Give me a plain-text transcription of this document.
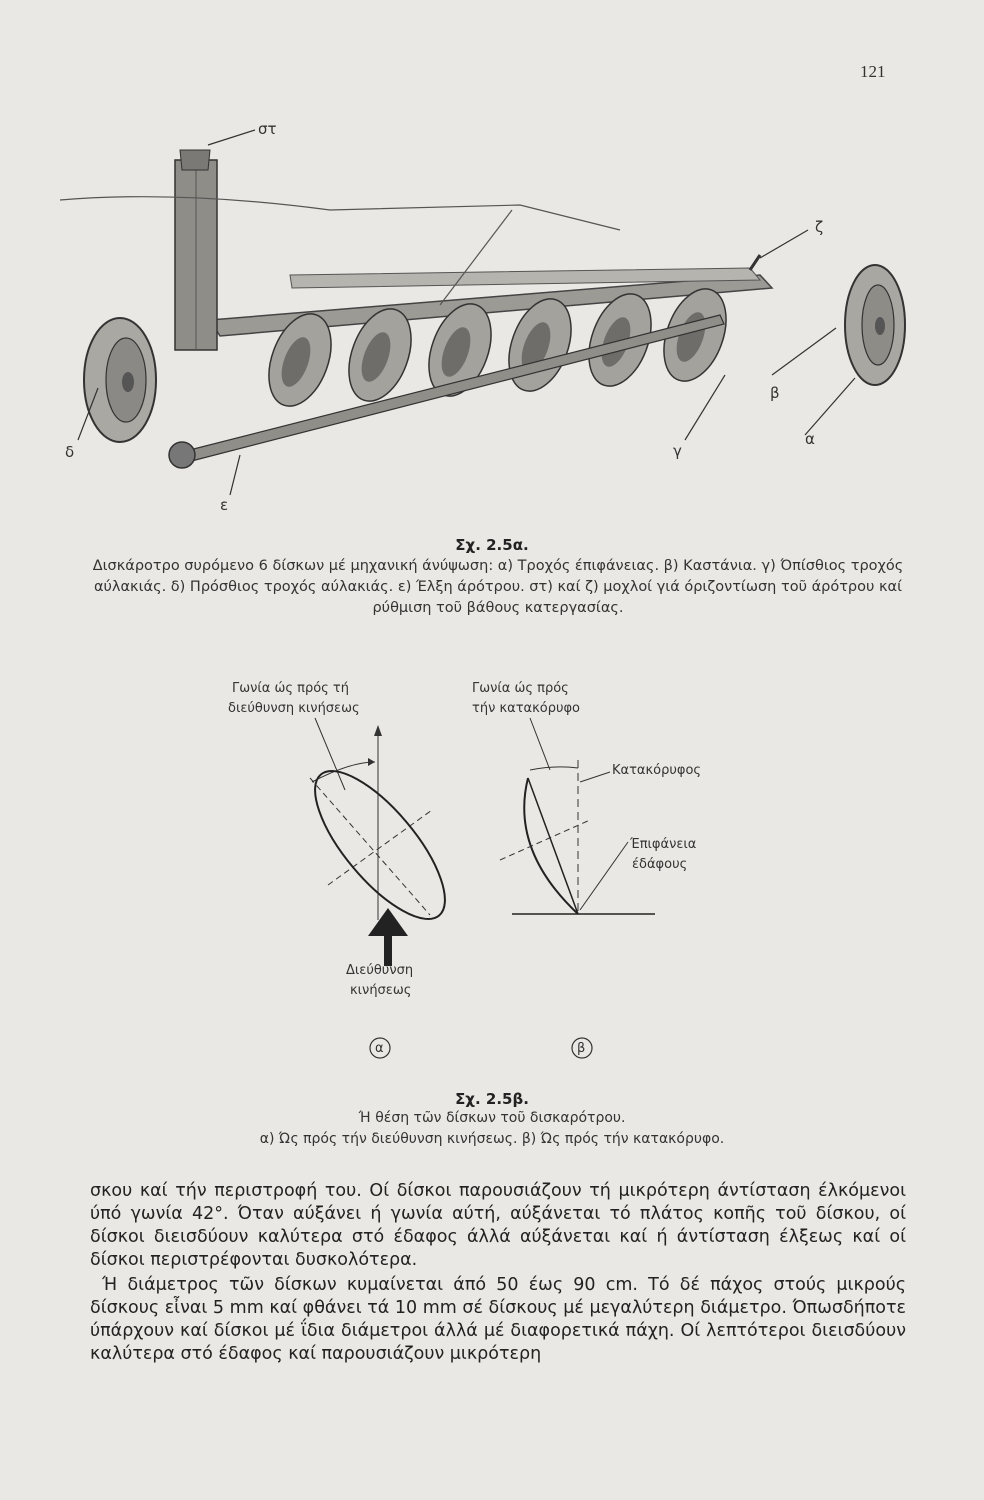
121
στ
ζ
β
α
γ
δ
ε
Σχ. 2.5α.
Δισκάροτρο συρόμενο 6 δίσκων μέ μηχανική άνύψωση: α) Τροχός έπιφάνειας. β) Καστάνια. γ) Όπίσθιος τροχός αύλακιάς. δ) Πρόσθιος τροχός αύλακιάς. ε) Έλξη άρότρου. στ) καί ζ) μοχλοί γιά όριζοντίωση τοῦ άρότρου καί ρύθμιση τοῦ βάθους κατεργασίας.
Γωνία ώς πρός τή
διεύθυνση κινήσεως
Διεύθυνση
κινήσεως
α
Γωνία ώς πρός
τήν κατακόρυφο
Κατακόρυφος
Έπιφάνεια
έδάφους
β
Σχ. 2.5β.
Ή θέση τῶν δίσκων τοῦ δισκαρότρου.
α) Ώς πρός τήν διεύθυνση κινήσεως. β) Ώς πρός τήν κατακόρυφο.

σκου καί τήν περιστροφή του. Οί δίσκοι παρουσιάζουν τή μικρότερη άντίσταση έλκόμενοι ύπό γωνία 42°. Όταν αύξάνει ή γωνία αύτή, αύξάνεται τό πλάτος κοπῆς τοῦ δίσκου, οί δίσκοι διεισδύουν καλύτερα στό έδαφος άλλά αύξάνεται καί ή άντίσταση έλξεως καί οί δίσκοι περιστρέφονται δυσκολότερα.

Ή διάμετρος τῶν δίσκων κυμαίνεται άπό 50 έως 90 cm. Τό δέ πάχος στούς μικρούς δίσκους εἶναι 5 mm καί φθάνει τά 10 mm σέ δίσκους μέ μεγαλύτερη διάμετρο. Όπωσδήποτε ύπάρχουν καί δίσκοι μέ ΐδια διάμετροι άλλά μέ διαφορετικά πάχη. Οί λεπτότεροι διεισδύουν καλύτερα στό έδαφος καί παρουσιάζουν μικρότερη
